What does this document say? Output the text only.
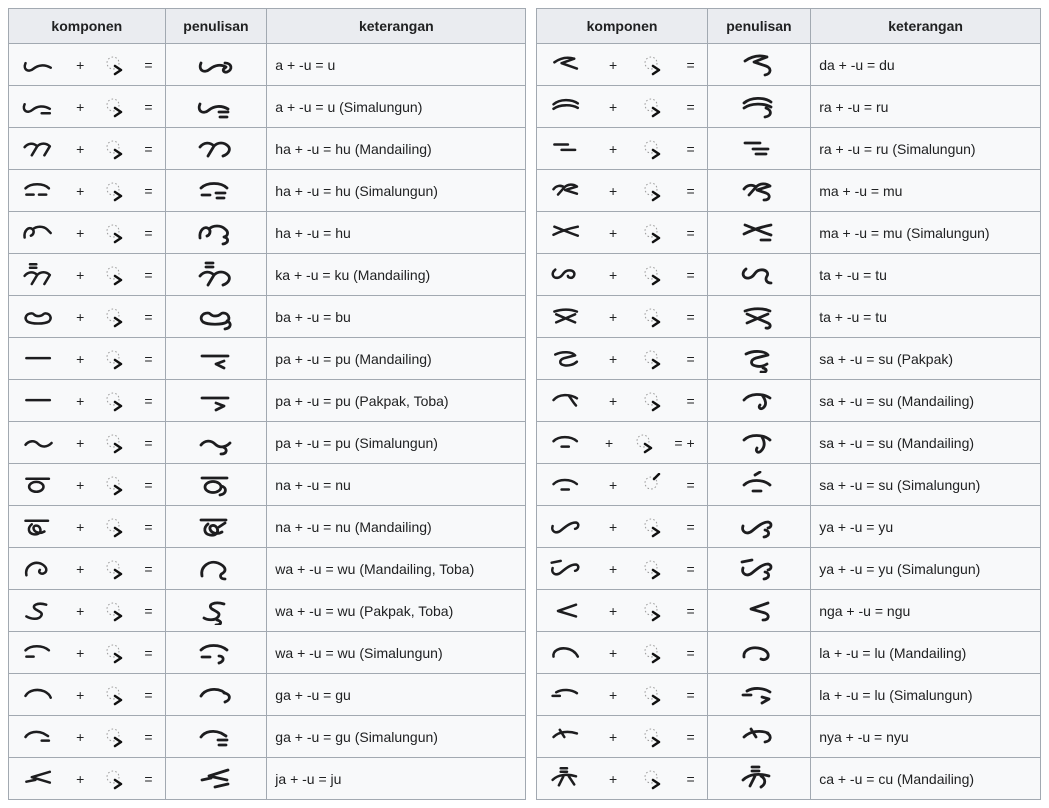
komponen	penulisan	keterangan

+ =		a + -u = u

+ =		a + -u = u (Simalungun)

+ =		ha + -u = hu (Mandailing)

+ =		ha + -u = hu (Simalungun)

+ =		ha + -u = hu

+ =		ka + -u = ku (Mandailing)

+ =		ba + -u = bu

+ =		pa + -u = pu (Mandailing)

+ =		pa + -u = pu (Pakpak, Toba)

+ =		pa + -u = pu (Simalungun)

+ =		na + -u = nu

+ =		na + -u = nu (Mandailing)

+ =		wa + -u = wu (Mandailing, Toba)

+ =		wa + -u = wu (Pakpak, Toba)

+ =		wa + -u = wu (Simalungun)

+ =		ga + -u = gu

+ =		ga + -u = gu (Simalungun)

+ =		ja + -u = ju
komponen	penulisan	keterangan

+ =		da + -u = du

+ =		ra + -u = ru

+ =		ra + -u = ru (Simalungun)

+ =		ma + -u = mu

+ =		ma + -u = mu (Simalungun)

+ =		ta + -u = tu

+ =		ta + -u = tu

+ =		sa + -u = su (Pakpak)

+ =		sa + -u = su (Mandailing)

+ = +		sa + -u = su (Mandailing)

+ =		sa + -u = su (Simalungun)

+ =		ya + -u = yu

+ =		ya + -u = yu (Simalungun)

+ =		nga + -u = ngu

+ =		la + -u = lu (Mandailing)

+ =		la + -u = lu (Simalungun)

+ =		nya + -u = nyu

+ =		ca + -u = cu (Mandailing)
